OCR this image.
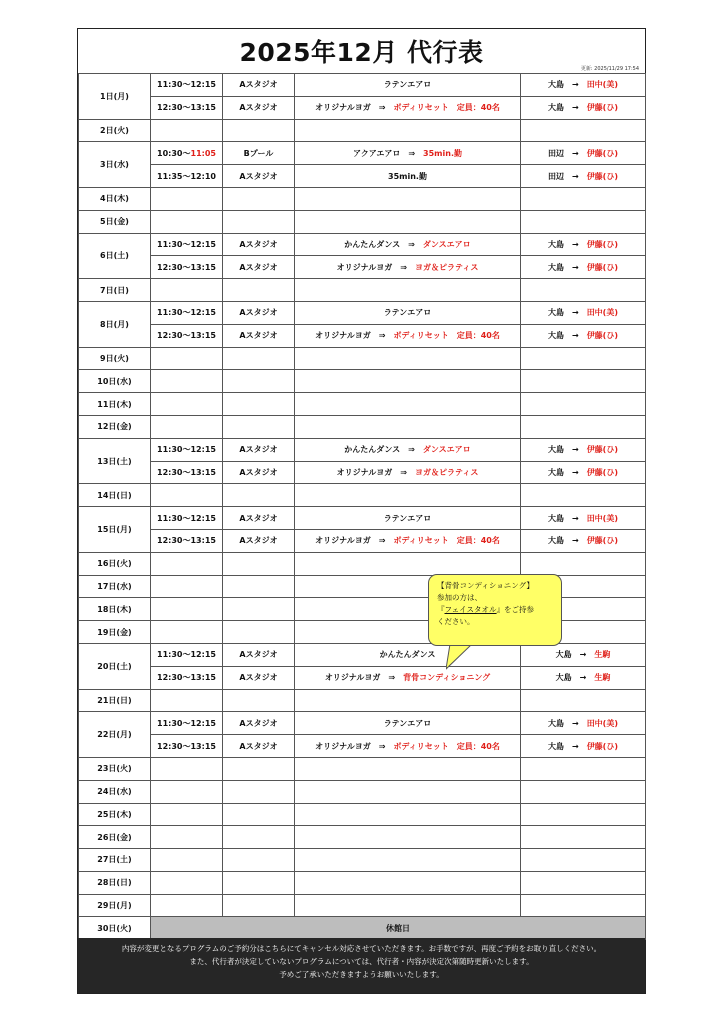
2025年12月 代行表
更新: 2025/11/29 17:54
1日(月)	11:30〜12:15	Aスタジオ	ラテンエアロ	大島　 →　 田中(美)
	12:30〜13:15	Aスタジオ	オリジナルヨガ　 ⇒　 ボディリセット　 定員：40名	大島　 →　 伊藤(ひ)
2日(火)				
3日(水)	10:30〜11:05	Bプール	アクアエアロ　 ⇒　 35min.勤	田辺　 →　 伊藤(ひ)
	11:35〜12:10	Aスタジオ	35min.勤	田辺　 →　 伊藤(ひ)
4日(木)				
5日(金)				
6日(土)	11:30〜12:15	Aスタジオ	かんたんダンス　 ⇒　 ダンスエアロ	大島　 →　 伊藤(ひ)
	12:30〜13:15	Aスタジオ	オリジナルヨガ　 ⇒　 ヨガ＆ピラティス	大島　 →　 伊藤(ひ)
7日(日)				
8日(月)	11:30〜12:15	Aスタジオ	ラテンエアロ	大島　 →　 田中(美)
	12:30〜13:15	Aスタジオ	オリジナルヨガ　 ⇒　 ボディリセット　 定員：40名	大島　 →　 伊藤(ひ)
9日(火)				
10日(水)				
11日(木)				
12日(金)				
13日(土)	11:30〜12:15	Aスタジオ	かんたんダンス　 ⇒　 ダンスエアロ	大島　 →　 伊藤(ひ)
	12:30〜13:15	Aスタジオ	オリジナルヨガ　 ⇒　 ヨガ＆ピラティス	大島　 →　 伊藤(ひ)
14日(日)				
15日(月)	11:30〜12:15	Aスタジオ	ラテンエアロ	大島　 →　 田中(美)
	12:30〜13:15	Aスタジオ	オリジナルヨガ　 ⇒　 ボディリセット　 定員：40名	大島　 →　 伊藤(ひ)
16日(火)				
17日(水)				
18日(木)				
19日(金)				
20日(土)	11:30〜12:15	Aスタジオ	かんたんダンス	大島　 →　 生駒
	12:30〜13:15	Aスタジオ	オリジナルヨガ　 ⇒　 背骨コンディショニング	大島　 →　 生駒
21日(日)				
22日(月)	11:30〜12:15	Aスタジオ	ラテンエアロ	大島　 →　 田中(美)
	12:30〜13:15	Aスタジオ	オリジナルヨガ　 ⇒　 ボディリセット　 定員：40名	大島　 →　 伊藤(ひ)
23日(火)				
24日(水)				
25日(木)				
26日(金)				
27日(土)				
28日(日)				
29日(月)				
30日(火)	休館日			
内容が変更となるプログラムのご予約分はこちらにてキャンセル対応させていただきます。お手数ですが、再度ご予約をお取り直しください。
また、代行者が決定していないプログラムについては、代行者・内容が決定次第随時更新いたします。
予めご了承いただきますようお願いいたします。
【背骨コンディショニング】
参加の方は、
『フェイスタオル』をご持参
ください。
